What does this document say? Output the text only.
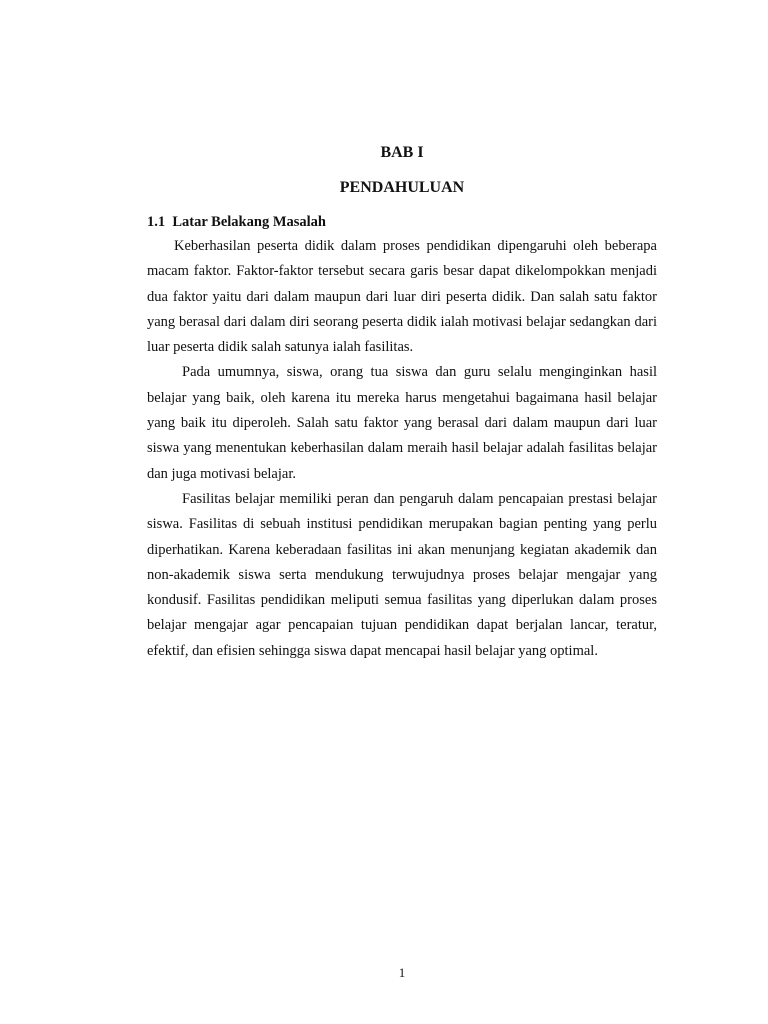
BAB I
PENDAHULUAN
1.1  Latar Belakang Masalah

Keberhasilan peserta didik dalam proses pendidikan dipengaruhi oleh beberapa macam faktor. Faktor-faktor tersebut secara garis besar dapat dikelompokkan menjadi dua faktor yaitu dari dalam maupun dari luar diri peserta didik. Dan salah satu faktor yang berasal dari dalam diri seorang peserta didik ialah motivasi belajar sedangkan dari luar peserta didik salah satunya ialah fasilitas.

Pada umumnya, siswa, orang tua siswa dan guru selalu menginginkan hasil belajar yang baik, oleh karena itu mereka harus mengetahui bagaimana hasil belajar yang baik itu diperoleh. Salah satu faktor yang berasal dari dalam maupun dari luar siswa yang menentukan keberhasilan dalam meraih hasil belajar adalah fasilitas belajar dan juga motivasi belajar.

Fasilitas belajar memiliki peran dan pengaruh dalam pencapaian prestasi belajar siswa. Fasilitas di sebuah institusi pendidikan merupakan bagian penting yang perlu diperhatikan. Karena keberadaan fasilitas ini akan menunjang kegiatan akademik dan non-akademik siswa serta mendukung terwujudnya proses belajar mengajar yang kondusif. Fasilitas pendidikan meliputi semua fasilitas yang diperlukan dalam proses belajar mengajar agar pencapaian tujuan pendidikan dapat berjalan lancar, teratur, efektif, dan efisien sehingga siswa dapat mencapai hasil belajar yang optimal.

1
